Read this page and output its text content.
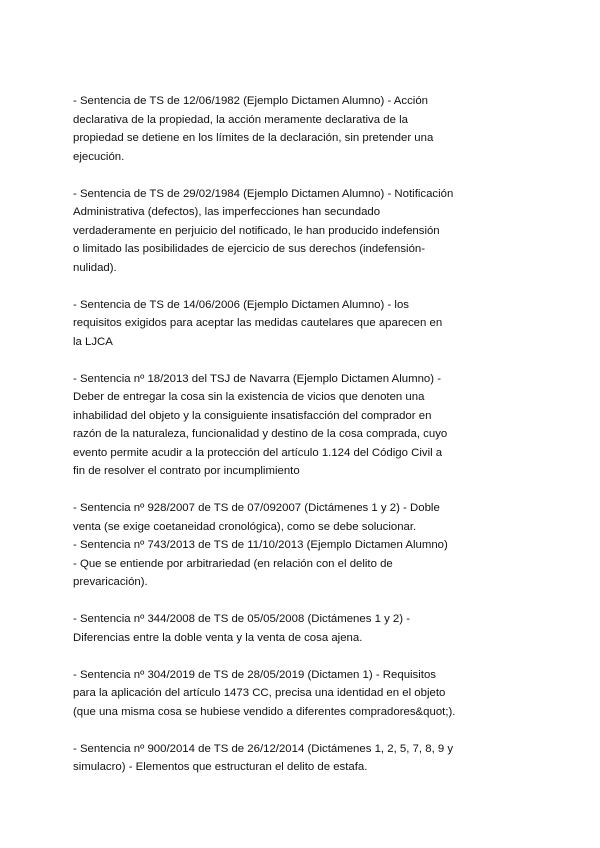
- Sentencia de TS de 12/06/1982 (Ejemplo Dictamen Alumno) - Acción
declarativa de la propiedad, la acción meramente declarativa de la
propiedad se detiene en los límites de la declaración, sin pretender una
ejecución.

- Sentencia de TS de 29/02/1984 (Ejemplo Dictamen Alumno) - Notificación
Administrativa (defectos), las imperfecciones han secundado
verdaderamente en perjuicio del notificado, le han producido indefensión
o limitado las posibilidades de ejercicio de sus derechos (indefensión-
nulidad).

- Sentencia de TS de 14/06/2006 (Ejemplo Dictamen Alumno) - los
requisitos exigidos para aceptar las medidas cautelares que aparecen en
la LJCA

- Sentencia nº 18/2013 del TSJ de Navarra (Ejemplo Dictamen Alumno) -
Deber de entregar la cosa sin la existencia de vicios que denoten una
inhabilidad del objeto y la consiguiente insatisfacción del comprador en
razón de la naturaleza, funcionalidad y destino de la cosa comprada, cuyo
evento permite acudir a la protección del artículo 1.124 del Código Civil a
fin de resolver el contrato por incumplimiento

- Sentencia nº 928/2007 de TS de 07/092007 (Dictámenes 1 y 2) - Doble
venta (se exige coetaneidad cronológica), como se debe solucionar.

- Sentencia nº 743/2013 de TS de 11/10/2013 (Ejemplo Dictamen Alumno)
- Que se entiende por arbitrariedad (en relación con el delito de
prevaricación).

- Sentencia nº 344/2008 de TS de 05/05/2008 (Dictámenes 1 y 2) -
Diferencias entre la doble venta y la venta de cosa ajena.

- Sentencia nº 304/2019 de TS de 28/05/2019 (Dictamen 1) - Requisitos
para la aplicación del artículo 1473 CC, precisa una identidad en el objeto
(que una misma cosa se hubiese vendido a diferentes compradores&quot;).

- Sentencia nº 900/2014 de TS de 26/12/2014 (Dictámenes 1, 2, 5, 7, 8, 9 y
simulacro) - Elementos que estructuran el delito de estafa.
